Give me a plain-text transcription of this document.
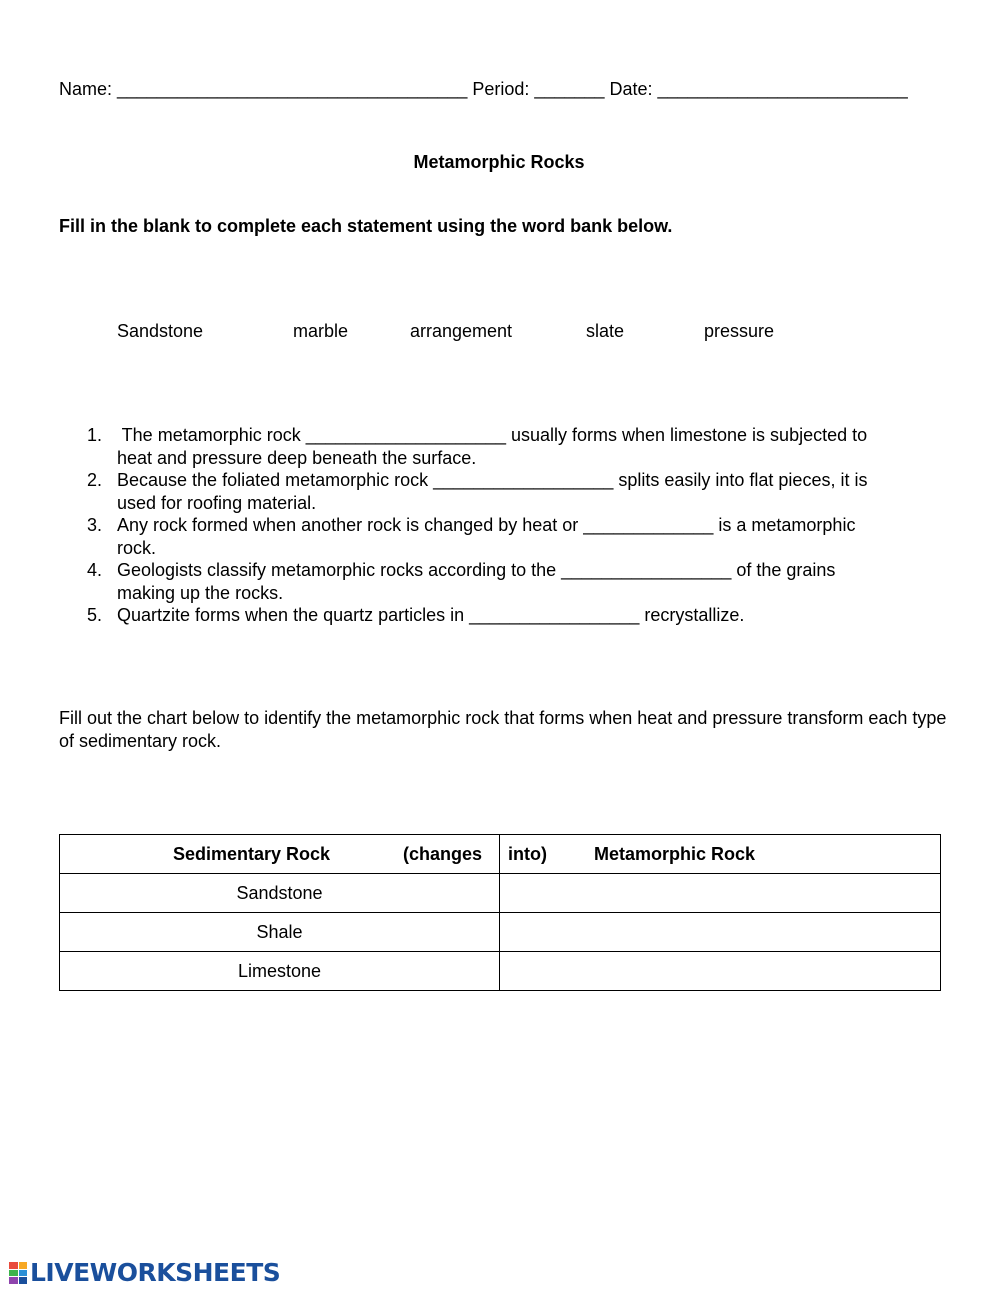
Name: ___________________________________ Period: _______ Date: _________________________
Metamorphic Rocks
Fill in the blank to complete each statement using the word bank below.
Sandstone	marble	arrangement	slate	pressure
1. The metamorphic rock ____________________ usually forms when limestone is subjected to
heat and pressure deep beneath the surface.
2. Because the foliated metamorphic rock __________________ splits easily into flat pieces, it is
used for roofing material.
3. Any rock formed when another rock is changed by heat or _____________ is a metamorphic
rock.
4. Geologists classify metamorphic rocks according to the _________________ of the grains
making up the rocks.
5. Quartzite forms when the quartz particles in _________________ recrystallize.
Fill out the chart below to identify the metamorphic rock that forms when heat and pressure transform each type of sedimentary rock.
Sedimentary Rock (changes	into) Metamorphic Rock

Sandstone	
Shale	
Limestone	
LIVEWORKSHEETS
